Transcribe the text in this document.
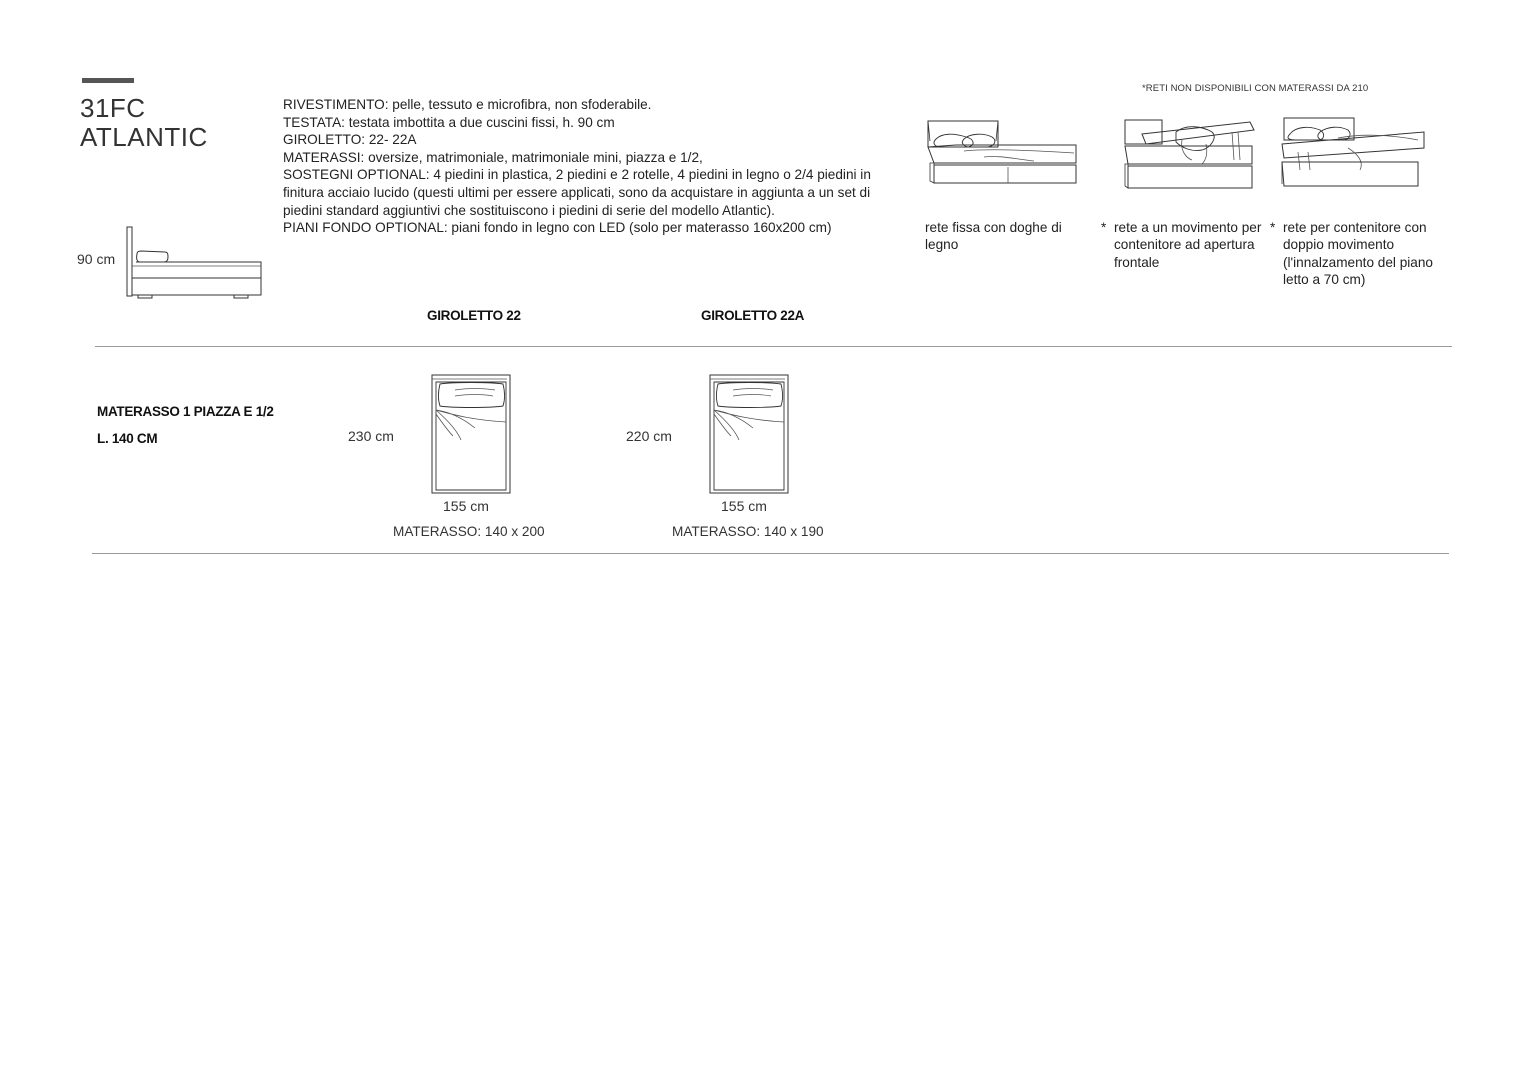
31FC
ATLANTIC
RIVESTIMENTO: pelle, tessuto e microfibra, non sfoderabile.
TESTATA: testata imbottita a due cuscini fissi, h. 90 cm
GIROLETTO: 22- 22A
MATERASSI: oversize, matrimoniale, matrimoniale mini, piazza e 1/2,
SOSTEGNI OPTIONAL: 4 piedini in plastica, 2 piedini e 2 rotelle, 4 piedini in legno o 2/4 piedini in finitura acciaio lucido (questi ultimi per essere applicati, sono da acquistare in aggiunta a un set di piedini standard aggiuntivi che sostituiscono i piedini di serie del modello Atlantic).
PIANI FONDO OPTIONAL: piani fondo in legno con LED (solo per materasso 160x200 cm)
90 cm
*RETI NON DISPONIBILI CON MATERASSI DA 210
rete fissa con doghe di legno
* rete a un movimento per contenitore ad apertura frontale
* rete per contenitore con doppio movimento (l'innalzamento del piano letto a 70 cm)
GIROLETTO 22	GIROLETTO 22A
MATERASSO 1 PIAZZA E 1/2
L. 140 CM	230 cm
155 cm
MATERASSO: 140 x 200
220 cm
155 cm
MATERASSO: 140 x 190
